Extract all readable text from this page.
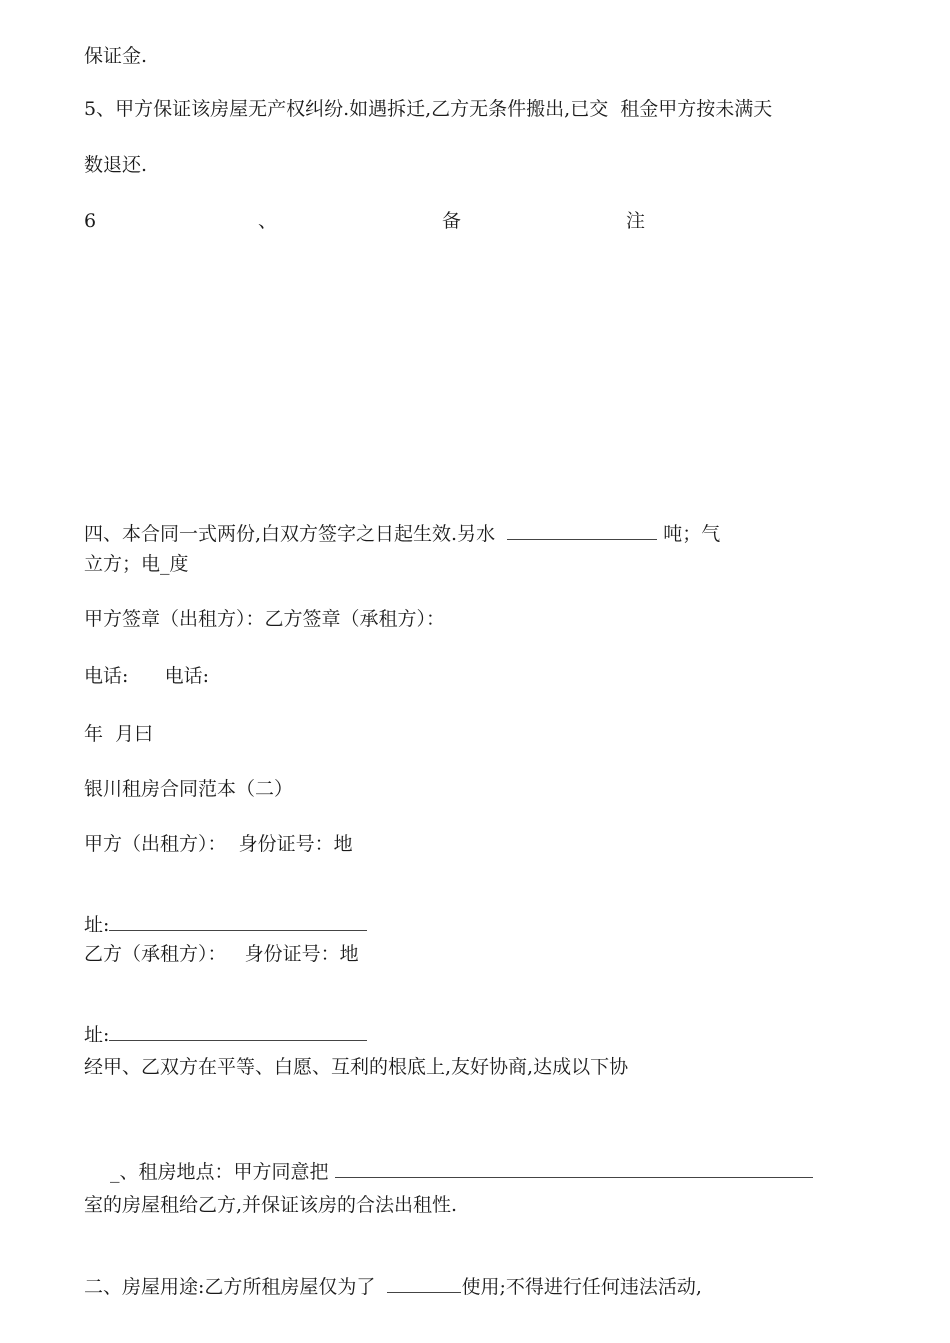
保证金.

5、甲方保证该房屋无产权纠纷.如遇拆迁,乙方无条件搬出,已交  租金甲方按未满天

数退还.

6	、	备	注

四、本合同一式两份,白双方签字之日起生效.另水	吨；气

立方；电_度

甲方签章（出租方）：乙方签章（承租方）：

电话:      电话:

年  月曰

银川租房合同范本（二）

甲方（出租方）：  身份证号：地

址:

乙方（承租方）：   身份证号：地

址:

经甲、乙双方在平等、白愿、互利的根底上,友好协商,达成以下协

_、租房地点：甲方同意把

室的房屋租给乙方,并保证该房的合法出租性.

二、房屋用途:乙方所租房屋仅为了	使用;不得进行任何违法活动,
